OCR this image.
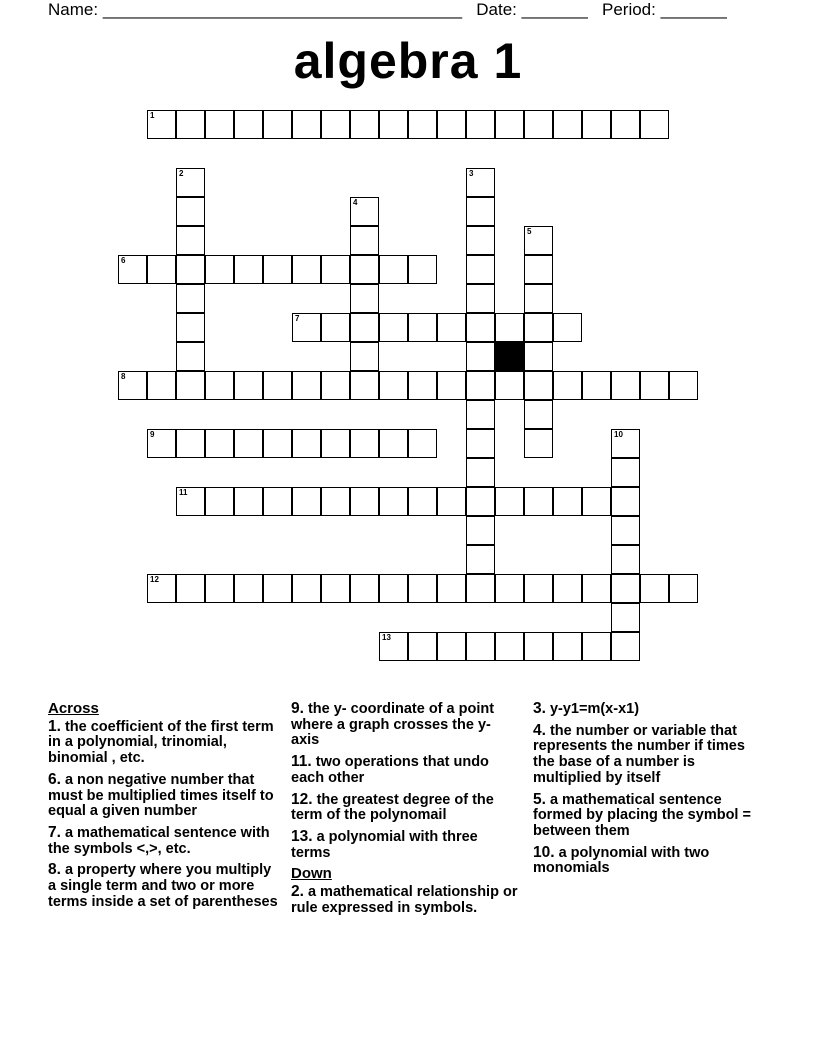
Name: ______________________________________ Date: _______ Period: _______
algebra 1
1
2	3
4
5
6
7
8
9	10
11
12
13
Across
1. the coefficient of the first term in a polynomial, trinomial, binomial , etc.
6. a non negative number that must be multiplied times itself to equal a given number
7. a mathematical sentence with the symbols <,>, etc.
8. a property where you multiply a single term and two or more terms inside a set of parentheses
9. the y- coordinate of a point where a graph crosses the y- axis
11. two operations that undo each other
12. the greatest degree of the term of the polynomail
13. a polynomial with three terms
Down
2. a mathematical relationship or rule expressed in symbols.
3. y-y1=m(x-x1)
4. the number or variable that represents the number if times the base of a number is multiplied by itself
5. a mathematical sentence formed by placing the symbol = between them
10. a polynomial with two monomials
